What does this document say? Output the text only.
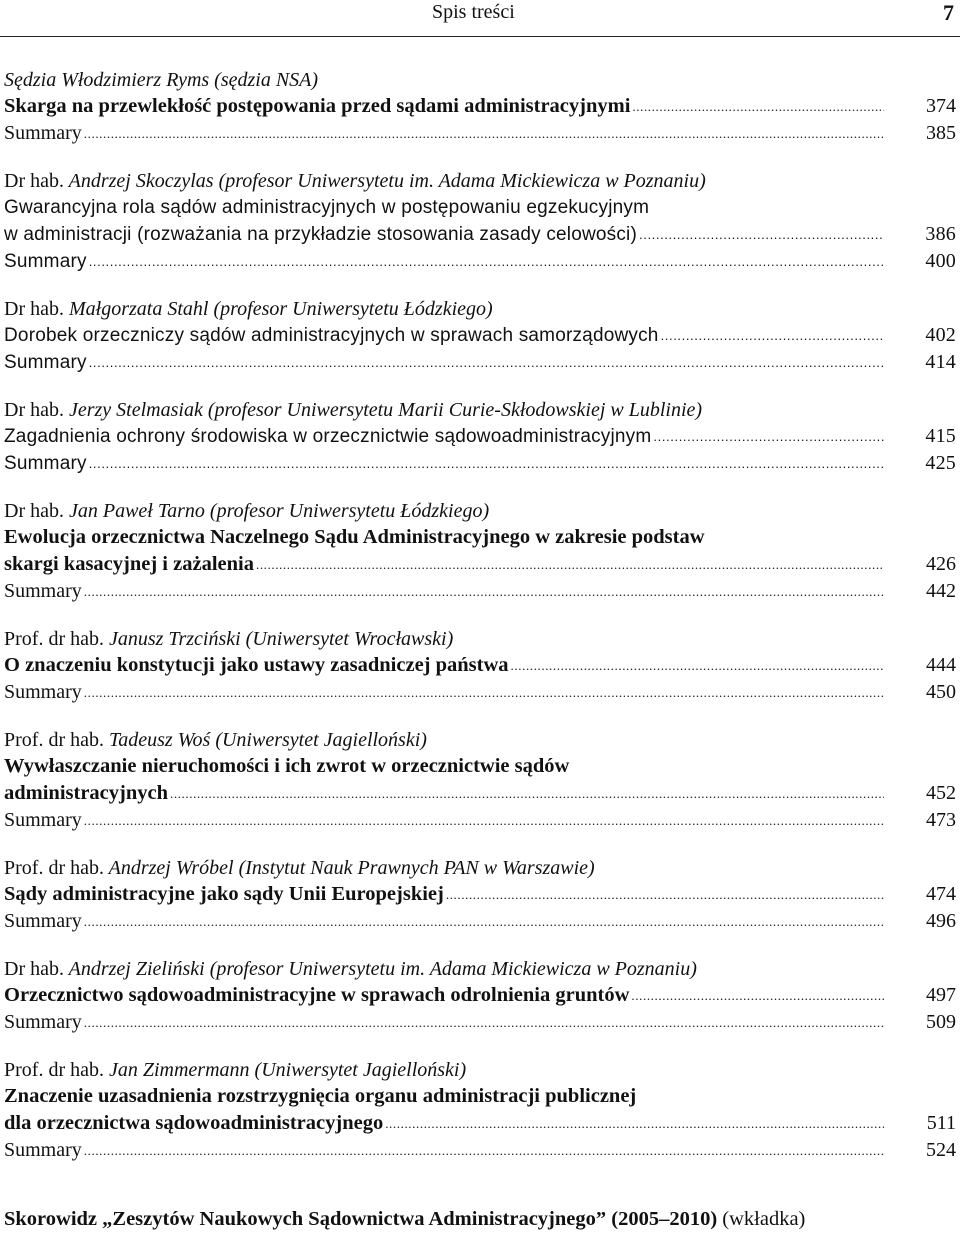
Spis treści	7
Sędzia Włodzimierz Ryms (sędzia NSA)
Skarga na przewlekłość postępowania przed sądami administracyjnymi .....	374
Summary .....	385
Dr hab. Andrzej Skoczylas (profesor Uniwersytetu im. Adama Mickiewicza w Poznaniu)
Gwarancyjna rola sądów administracyjnych w postępowaniu egzekucyjnym
w administracji (rozważania na przykładzie stosowania zasady celowości) .....	386
Summary .....	400
Dr hab. Małgorzata Stahl (profesor Uniwersytetu Łódzkiego)
Dorobek orzeczniczy sądów administracyjnych w sprawach samorządowych .....	402
Summary .....	414
Dr hab. Jerzy Stelmasiak (profesor Uniwersytetu Marii Curie-Skłodowskiej w Lublinie)
Zagadnienia ochrony środowiska w orzecznictwie sądowoadministracyjnym .....	415
Summary .....	425
Dr hab. Jan Paweł Tarno (profesor Uniwersytetu Łódzkiego)
Ewolucja orzecznictwa Naczelnego Sądu Administracyjnego w zakresie podstaw
skargi kasacyjnej i zażalenia .....	426
Summary .....	442
Prof. dr hab. Janusz Trzciński (Uniwersytet Wrocławski)
O znaczeniu konstytucji jako ustawy zasadniczej państwa .....	444
Summary .....	450
Prof. dr hab. Tadeusz Woś (Uniwersytet Jagielloński)
Wywłaszczanie nieruchomości i ich zwrot w orzecznictwie sądów
administracyjnych .....	452
Summary .....	473
Prof. dr hab. Andrzej Wróbel (Instytut Nauk Prawnych PAN w Warszawie)
Sądy administracyjne jako sądy Unii Europejskiej .....	474
Summary .....	496
Dr hab. Andrzej Zieliński (profesor Uniwersytetu im. Adama Mickiewicza w Poznaniu)
Orzecznictwo sądowoadministracyjne w sprawach odrolnienia gruntów .....	497
Summary .....	509
Prof. dr hab. Jan Zimmermann (Uniwersytet Jagielloński)
Znaczenie uzasadnienia rozstrzygnięcia organu administracji publicznej
dla orzecznictwa sądowoadministracyjnego .....	511
Summary .....	524
Skorowidz „Zeszytów Naukowych Sądownictwa Administracyjnego” (2005–2010) (wkładka)
